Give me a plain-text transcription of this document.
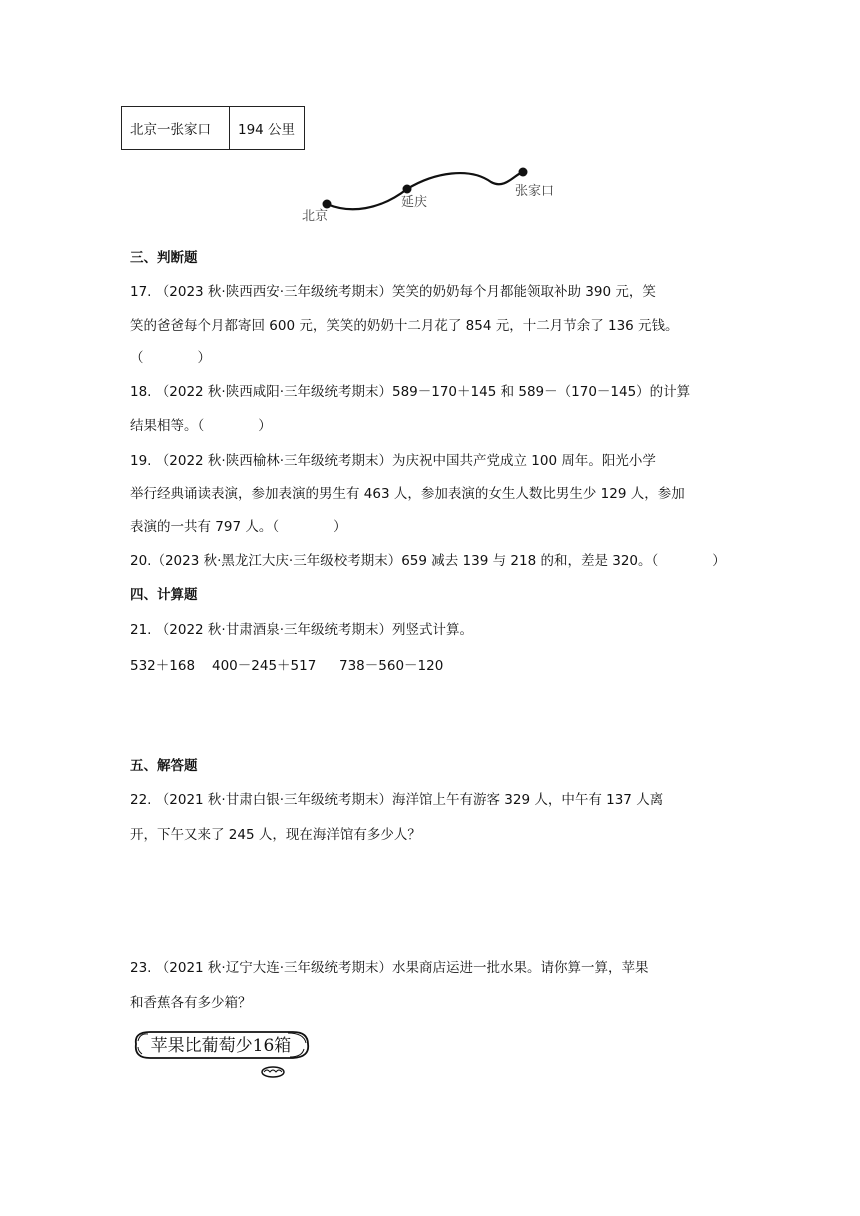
北京一张家口	194 公里
北京
延庆
张家口
三、判断题
17. （2023 秋·陕西西安·三年级统考期末）笑笑的奶奶每个月都能领取补助 390 元，笑
笑的爸爸每个月都寄回 600 元，笑笑的奶奶十二月花了 854 元，十二月节余了 136 元钱。
（　　　　）
18. （2022 秋·陕西咸阳·三年级统考期末）589－170＋145 和 589－（170－145）的计算
结果相等。（　　　　）
19. （2022 秋·陕西榆林·三年级统考期末）为庆祝中国共产党成立 100 周年。阳光小学
举行经典诵读表演，参加表演的男生有 463 人，参加表演的女生人数比男生少 129 人，参加
表演的一共有 797 人。（　　　　）
20.（2023 秋·黑龙江大庆·三年级校考期末）659 减去 139 与 218 的和，差是 320。（　　　　）
四、计算题
21. （2022 秋·甘肃酒泉·三年级统考期末）列竖式计算。
532＋168 400－245＋517 738－560－120
五、解答题
22. （2021 秋·甘肃白银·三年级统考期末）海洋馆上午有游客 329 人，中午有 137 人离
开，下午又来了 245 人，现在海洋馆有多少人？
23. （2021 秋·辽宁大连·三年级统考期末）水果商店运进一批水果。请你算一算，苹果
和香蕉各有多少箱？
苹果比葡萄少16箱
